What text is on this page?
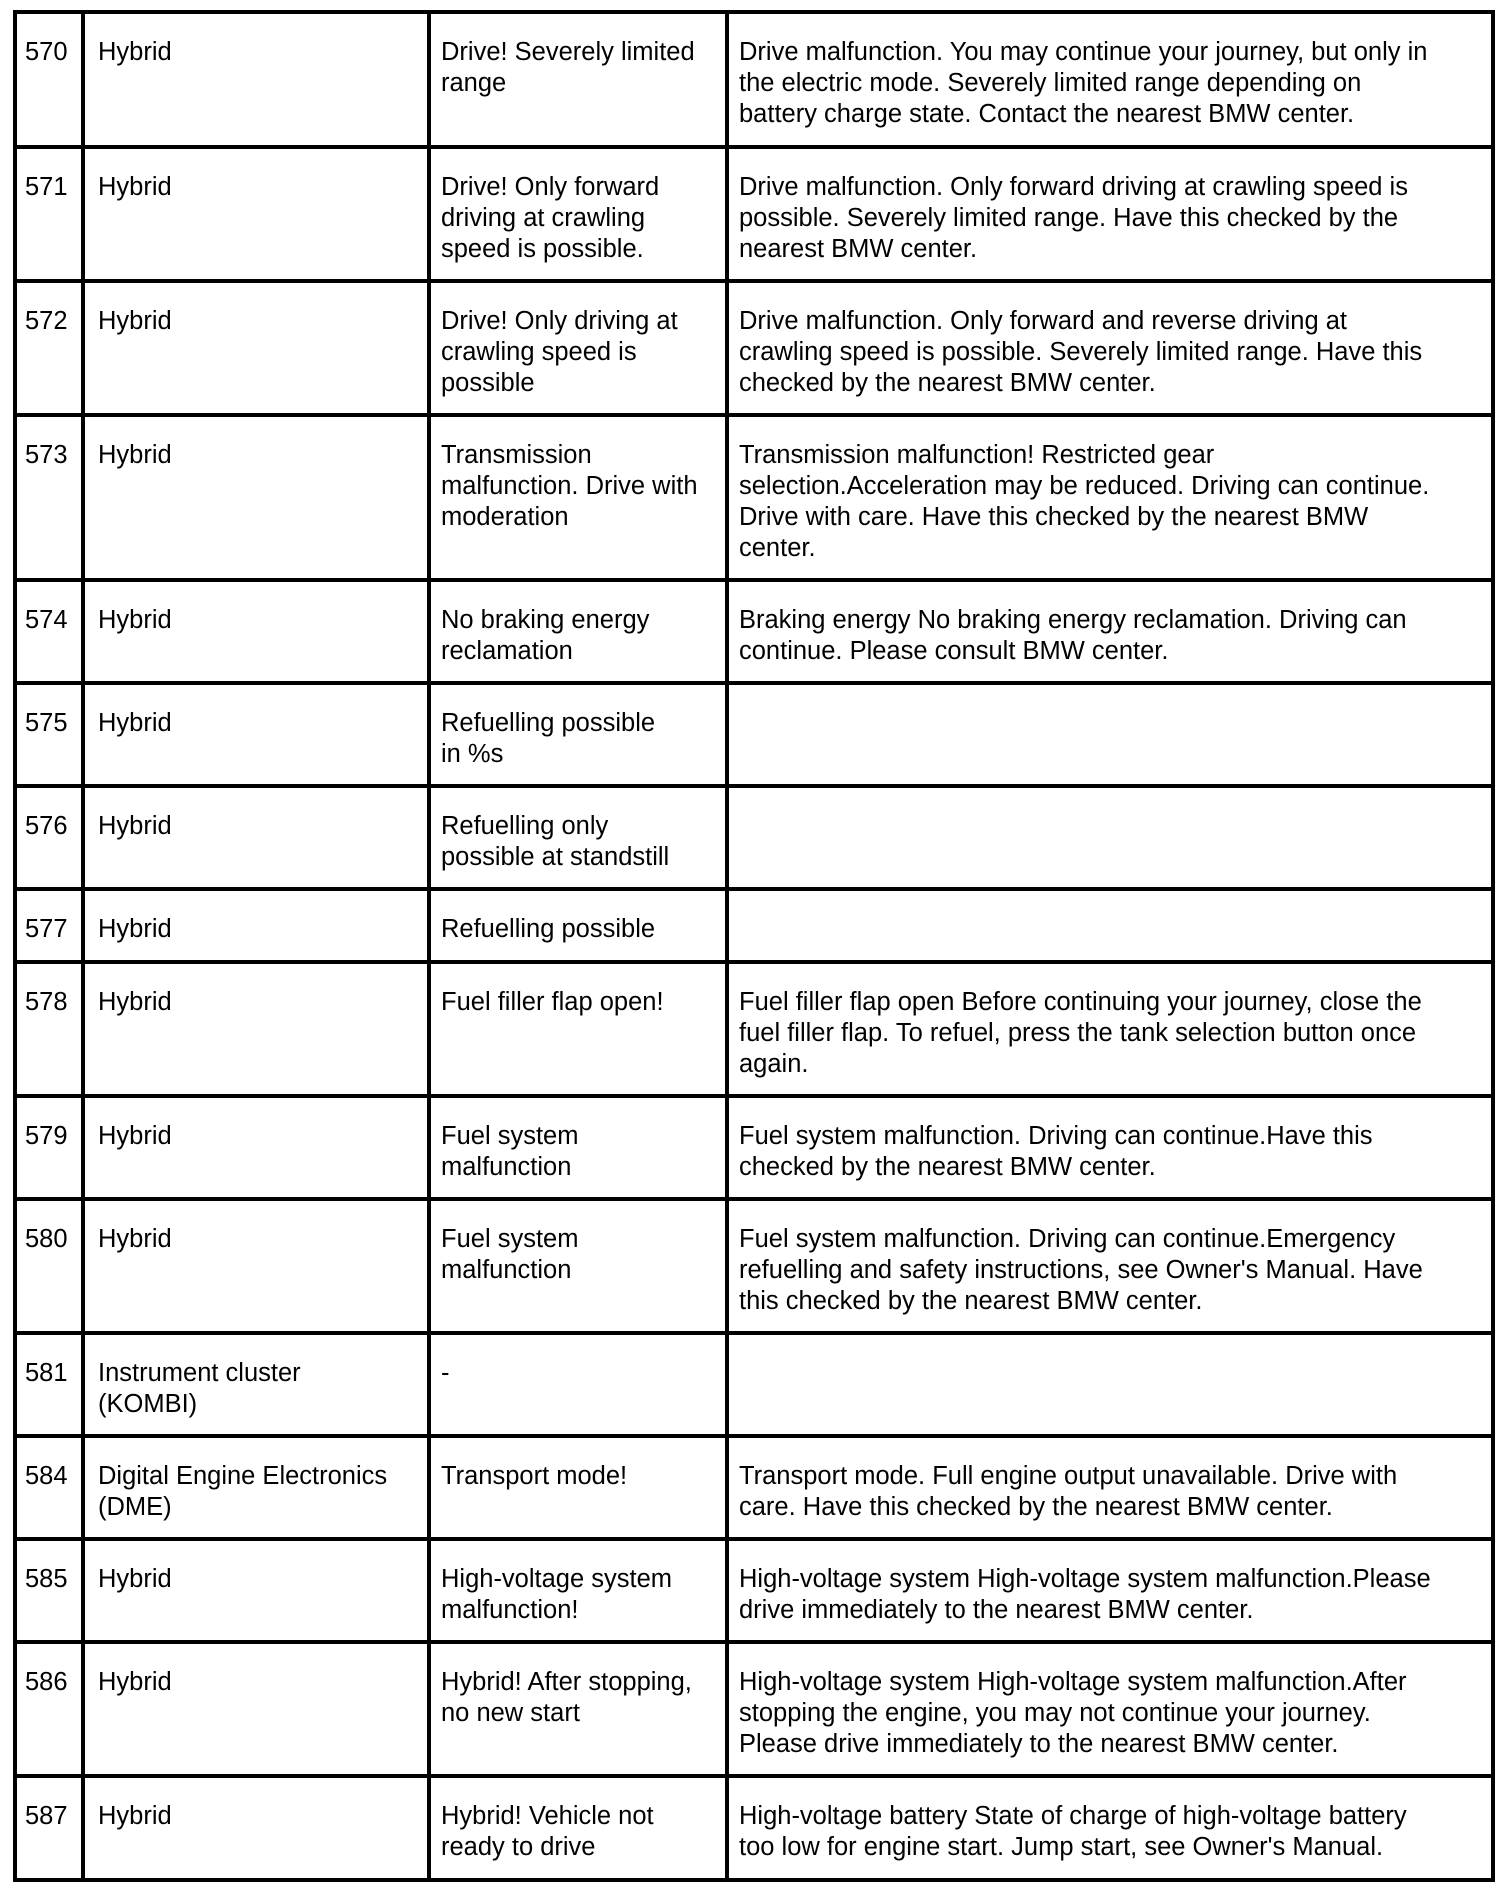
570	Hybrid	Drive! Severely limited
range	Drive malfunction. You may continue your journey, but only in
the electric mode. Severely limited range depending on
battery charge state. Contact the nearest BMW center.
571	Hybrid	Drive! Only forward
driving at crawling
speed is possible.	Drive malfunction. Only forward driving at crawling speed is
possible. Severely limited range. Have this checked by the
nearest BMW center.
572	Hybrid	Drive! Only driving at
crawling speed is
possible	Drive malfunction. Only forward and reverse driving at
crawling speed is possible. Severely limited range. Have this
checked by the nearest BMW center.
573	Hybrid	Transmission
malfunction. Drive with
moderation	Transmission malfunction! Restricted gear
selection.Acceleration may be reduced. Driving can continue.
Drive with care. Have this checked by the nearest BMW
center.
574	Hybrid	No braking energy
reclamation	Braking energy No braking energy reclamation. Driving can
continue. Please consult BMW center.
575	Hybrid	Refuelling possible
in %s	
576	Hybrid	Refuelling only
possible at standstill	
577	Hybrid	Refuelling possible	
578	Hybrid	Fuel filler flap open!	Fuel filler flap open Before continuing your journey, close the
fuel filler flap. To refuel, press the tank selection button once
again.
579	Hybrid	Fuel system
malfunction	Fuel system malfunction. Driving can continue.Have this
checked by the nearest BMW center.
580	Hybrid	Fuel system
malfunction	Fuel system malfunction. Driving can continue.Emergency
refuelling and safety instructions, see Owner's Manual. Have
this checked by the nearest BMW center.
581	Instrument cluster
(KOMBI)	-	
584	Digital Engine Electronics
(DME)	Transport mode!	Transport mode. Full engine output unavailable. Drive with
care. Have this checked by the nearest BMW center.
585	Hybrid	High-voltage system
malfunction!	High-voltage system High-voltage system malfunction.Please
drive immediately to the nearest BMW center.
586	Hybrid	Hybrid! After stopping,
no new start	High-voltage system High-voltage system malfunction.After
stopping the engine, you may not continue your journey.
Please drive immediately to the nearest BMW center.
587	Hybrid	Hybrid! Vehicle not
ready to drive	High-voltage battery State of charge of high-voltage battery
too low for engine start. Jump start, see Owner's Manual.
